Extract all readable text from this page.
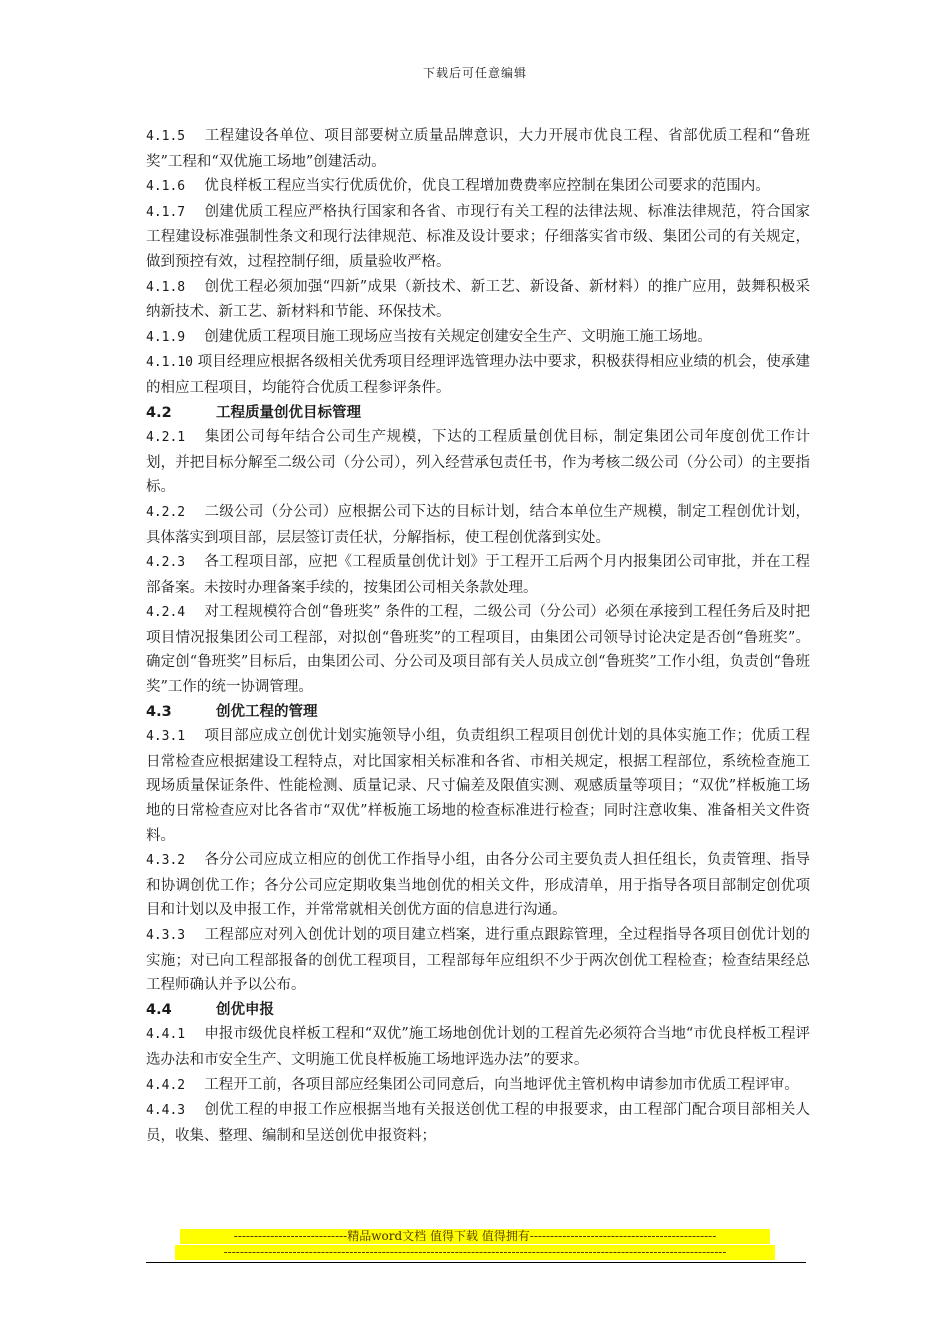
下载后可任意编辑

4.1.5  工程建设各单位、项目部要树立质量品牌意识，大力开展市优良工程、省部优质工程和“鲁班奖”工程和“双优施工场地”创建活动。

4.1.6  优良样板工程应当实行优质优价，优良工程增加费费率应控制在集团公司要求的范围内。

4.1.7  创建优质工程应严格执行国家和各省、市现行有关工程的法律法规、标准法律规范，符合国家工程建设标准强制性条文和现行法律规范、标准及设计要求；仔细落实省市级、集团公司的有关规定，做到预控有效，过程控制仔细，质量验收严格。

4.1.8  创优工程必须加强“四新”成果（新技术、新工艺、新设备、新材料）的推广应用，鼓舞积极采纳新技术、新工艺、新材料和节能、环保技术。

4.1.9  创建优质工程项目施工现场应当按有关规定创建安全生产、文明施工施工场地。

4.1.10 项目经理应根据各级相关优秀项目经理评选管理办法中要求，积极获得相应业绩的机会，使承建的相应工程项目，均能符合优质工程参评条件。

4.2	工程质量创优目标管理

4.2.1  集团公司每年结合公司生产规模，下达的工程质量创优目标，制定集团公司年度创优工作计划，并把目标分解至二级公司（分公司），列入经营承包责任书，作为考核二级公司（分公司）的主要指标。

4.2.2  二级公司（分公司）应根据公司下达的目标计划，结合本单位生产规模，制定工程创优计划，具体落实到项目部，层层签订责任状，分解指标，使工程创优落到实处。

4.2.3  各工程项目部，应把《工程质量创优计划》于工程开工后两个月内报集团公司审批，并在工程部备案。未按时办理备案手续的，按集团公司相关条款处理。

4.2.4  对工程规模符合创“鲁班奖” 条件的工程，二级公司（分公司）必须在承接到工程任务后及时把项目情况报集团公司工程部，对拟创“鲁班奖”的工程项目，由集团公司领导讨论决定是否创“鲁班奖”。确定创“鲁班奖”目标后，由集团公司、分公司及项目部有关人员成立创“鲁班奖”工作小组，负责创“鲁班奖”工作的统一协调管理。

4.3	创优工程的管理

4.3.1  项目部应成立创优计划实施领导小组，负责组织工程项目创优计划的具体实施工作；优质工程日常检查应根据建设工程特点，对比国家相关标准和各省、市相关规定，根据工程部位，系统检查施工现场质量保证条件、性能检测、质量记录、尺寸偏差及限值实测、观感质量等项目；“双优”样板施工场地的日常检查应对比各省市“双优”样板施工场地的检查标准进行检查；同时注意收集、准备相关文件资料。

4.3.2  各分公司应成立相应的创优工作指导小组，由各分公司主要负责人担任组长，负责管理、指导和协调创优工作；各分公司应定期收集当地创优的相关文件，形成清单，用于指导各项目部制定创优项目和计划以及申报工作，并常常就相关创优方面的信息进行沟通。

4.3.3  工程部应对列入创优计划的项目建立档案，进行重点跟踪管理，全过程指导各项目创优计划的实施；对已向工程部报备的创优工程项目，工程部每年应组织不少于两次创优工程检查；检查结果经总工程师确认并予以公布。

4.4	创优申报

4.4.1  申报市级优良样板工程和“双优”施工场地创优计划的工程首先必须符合当地“市优良样板工程评选办法和市安全生产、文明施工优良样板施工场地评选办法”的要求。

4.4.2  工程开工前，各项目部应经集团公司同意后，向当地评优主管机构申请参加市优质工程评审。

4.4.3  创优工程的申报工作应根据当地有关报送创优工程的申报要求，由工程部门配合项目部相关人员，收集、整理、编制和呈送创优申报资料；

----------------------------精品word文档 值得下载 值得拥有----------------------------------------------
----------------------------------------------------------------------------------------------------------------------------
